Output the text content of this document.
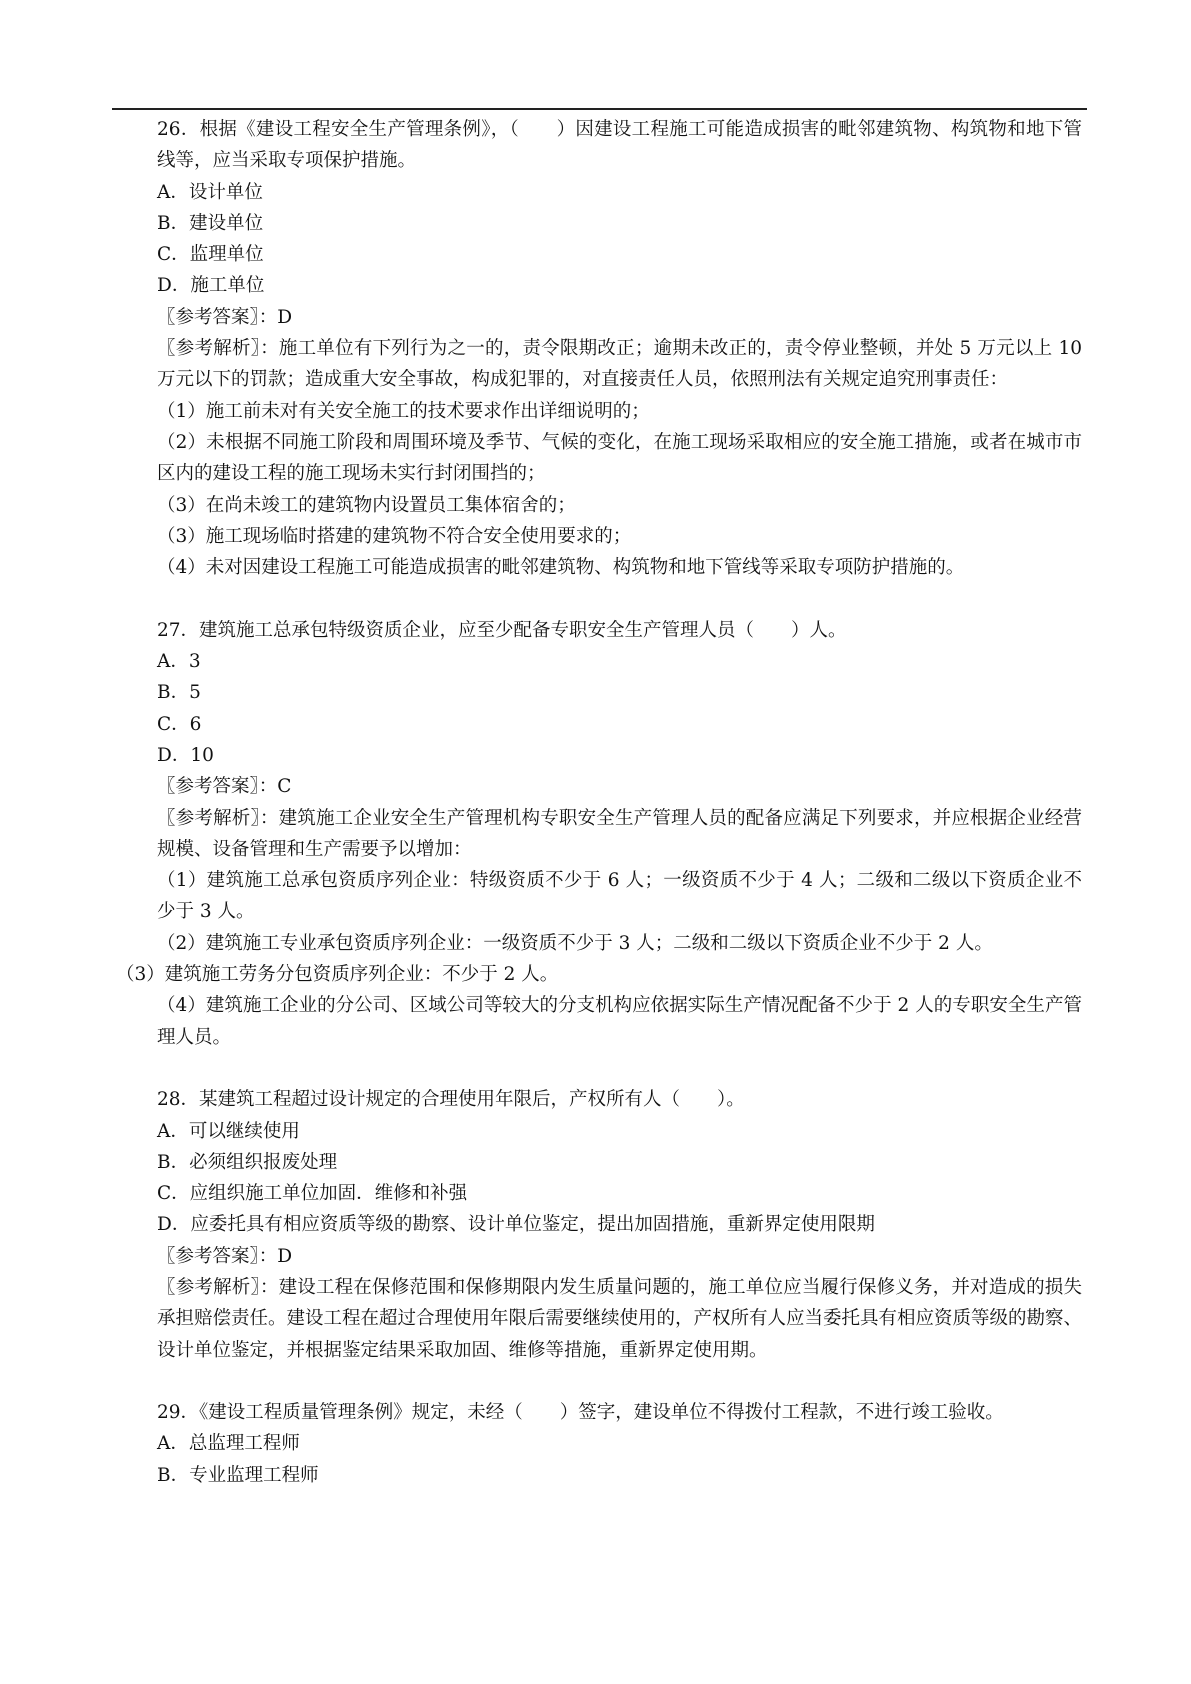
26．根据《建设工程安全生产管理条例》，（　　）因建设工程施工可能造成损害的毗邻建筑物、构筑物和地下管线等，应当采取专项保护措施。
A．设计单位
B．建设单位
C．监理单位
D．施工单位
〖参考答案〗：D
〖参考解析〗：施工单位有下列行为之一的，责令限期改正；逾期未改正的，责令停业整顿，并处 5 万元以上 10 万元以下的罚款；造成重大安全事故，构成犯罪的，对直接责任人员，依照刑法有关规定追究刑事责任：
（1）施工前未对有关安全施工的技术要求作出详细说明的；
（2）未根据不同施工阶段和周围环境及季节、气候的变化，在施工现场采取相应的安全施工措施，或者在城市市区内的建设工程的施工现场未实行封闭围挡的；
（3）在尚未竣工的建筑物内设置员工集体宿舍的；
（3）施工现场临时搭建的建筑物不符合安全使用要求的；
（4）未对因建设工程施工可能造成损害的毗邻建筑物、构筑物和地下管线等采取专项防护措施的。
27．建筑施工总承包特级资质企业，应至少配备专职安全生产管理人员（　　）人。
A．3
B．5
C．6
D．10
〖参考答案〗：C
〖参考解析〗：建筑施工企业安全生产管理机构专职安全生产管理人员的配备应满足下列要求，并应根据企业经营规模、设备管理和生产需要予以增加：
（1）建筑施工总承包资质序列企业：特级资质不少于 6 人；一级资质不少于 4 人；二级和二级以下资质企业不少于 3 人。
（2）建筑施工专业承包资质序列企业：一级资质不少于 3 人；二级和二级以下资质企业不少于 2 人。
（3）建筑施工劳务分包资质序列企业：不少于 2 人。
（4）建筑施工企业的分公司、区域公司等较大的分支机构应依据实际生产情况配备不少于 2 人的专职安全生产管理人员。
28．某建筑工程超过设计规定的合理使用年限后，产权所有人（　　）。
A．可以继续使用
B．必须组织报废处理
C．应组织施工单位加固．维修和补强
D．应委托具有相应资质等级的勘察、设计单位鉴定，提出加固措施，重新界定使用限期
〖参考答案〗：D
〖参考解析〗：建设工程在保修范围和保修期限内发生质量问题的，施工单位应当履行保修义务，并对造成的损失承担赔偿责任。建设工程在超过合理使用年限后需要继续使用的，产权所有人应当委托具有相应资质等级的勘察、设计单位鉴定，并根据鉴定结果采取加固、维修等措施，重新界定使用期。
29．《建设工程质量管理条例》规定，未经（　　）签字，建设单位不得拨付工程款，不进行竣工验收。
A．总监理工程师
B．专业监理工程师
